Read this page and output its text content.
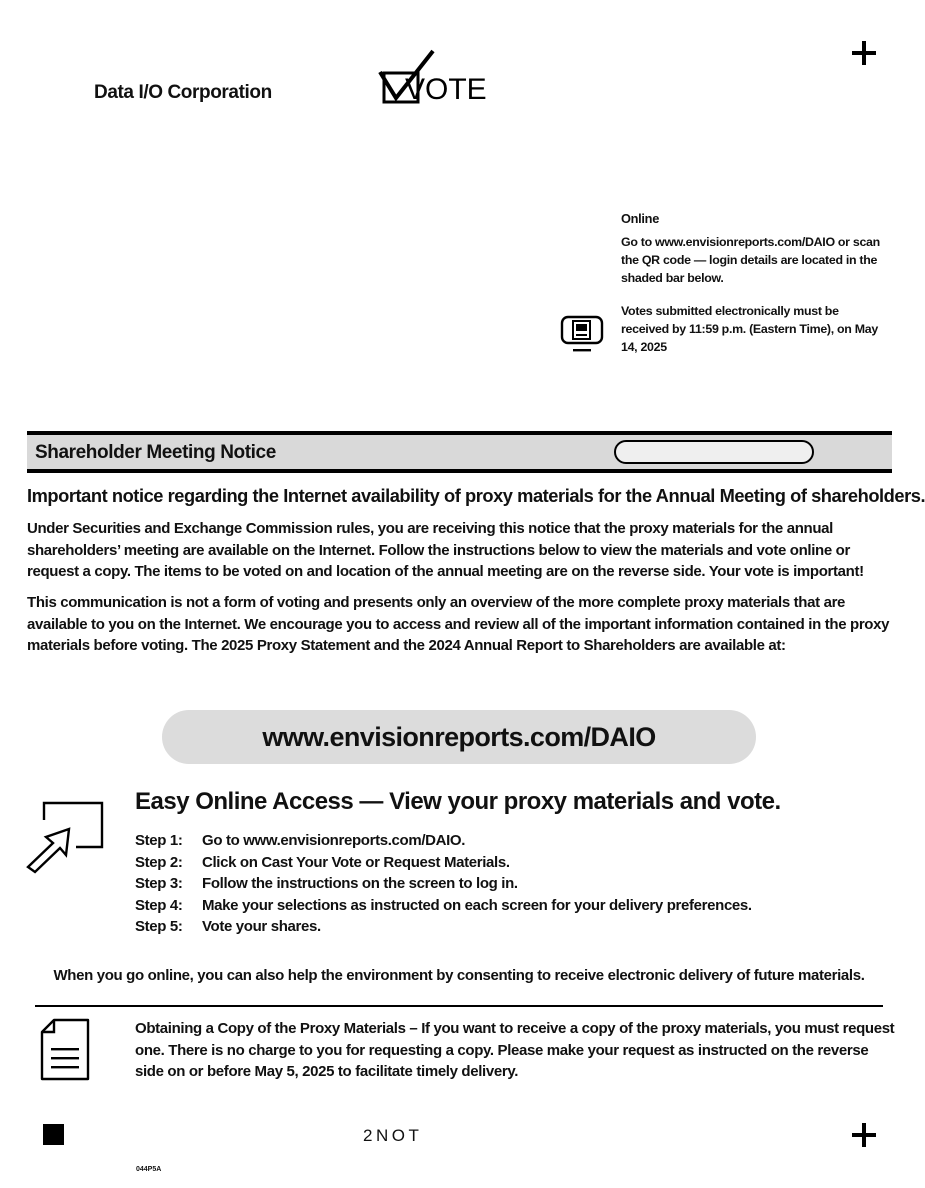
Data I/O Corporation	VOTE
Online

Go to www.envisionreports.com/DAIO or scan the QR code — login details are located in the shaded bar below.

Votes submitted electronically must be received by 11:59 p.m. (Eastern Time), on May 14, 2025

Shareholder Meeting Notice
Important notice regarding the Internet availability of proxy materials for the Annual Meeting of shareholders.
Under Securities and Exchange Commission rules, you are receiving this notice that the proxy materials for the annual shareholders’ meeting are available on the Internet. Follow the instructions below to view the materials and vote online or request a copy. The items to be voted on and location of the annual meeting are on the reverse side. Your vote is important!
This communication is not a form of voting and presents only an overview of the more complete proxy materials that are available to you on the Internet. We encourage you to access and review all of the important information contained in the proxy materials before voting. The 2025 Proxy Statement and the 2024 Annual Report to Shareholders are available at:
www.envisionreports.com/DAIO
Easy Online Access — View your proxy materials and vote.
Step 1:	Go to www.envisionreports.com/DAIO.
Step 2:	Click on Cast Your Vote or Request Materials.
Step 3:	Follow the instructions on the screen to log in.
Step 4:	Make your selections as instructed on each screen for your delivery preferences.
Step 5:	Vote your shares.
When you go online, you can also help the environment by consenting to receive electronic delivery of future materials.
Obtaining a Copy of the Proxy Materials – If you want to receive a copy of the proxy materials, you must request one. There is no charge to you for requesting a copy. Please make your request as instructed on the reverse side on or before May 5, 2025 to facilitate timely delivery.
2NOT
044P5A
